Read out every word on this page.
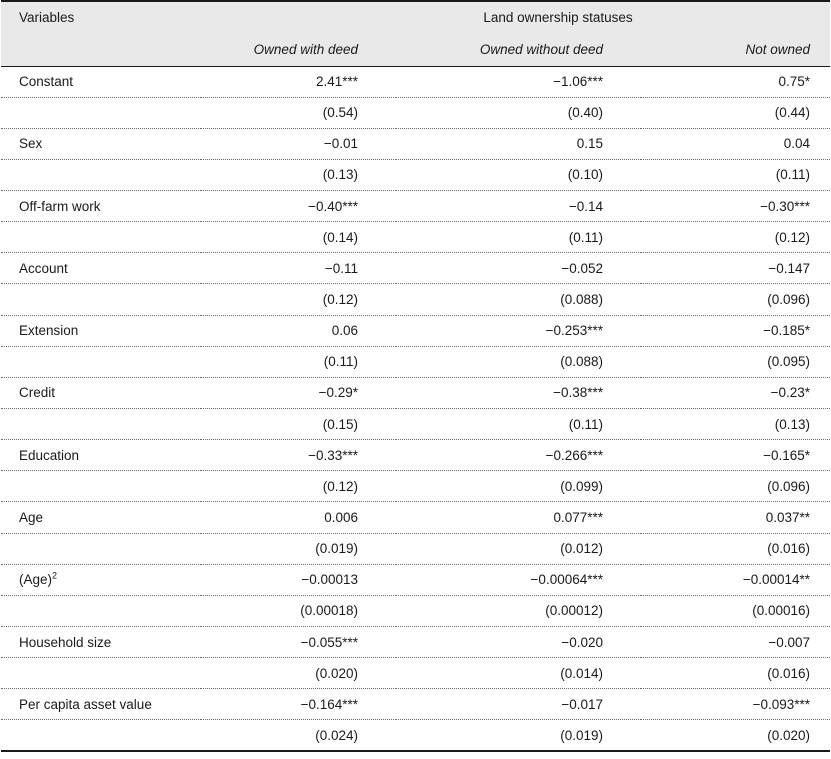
Variables	Land ownership statuses		
	Owned with deed	Owned without deed	Not owned
Constant	2.41***	−1.06***	0.75*
	(0.54)	(0.40)	(0.44)
Sex	−0.01	0.15	0.04
	(0.13)	(0.10)	(0.11)
Off-farm work	−0.40***	−0.14	−0.30***
	(0.14)	(0.11)	(0.12)
Account	−0.11	−0.052	−0.147
	(0.12)	(0.088)	(0.096)
Extension	0.06	−0.253***	−0.185*
	(0.11)	(0.088)	(0.095)
Credit	−0.29*	−0.38***	−0.23*
	(0.15)	(0.11)	(0.13)
Education	−0.33***	−0.266***	−0.165*
	(0.12)	(0.099)	(0.096)
Age	0.006	0.077***	0.037**
	(0.019)	(0.012)	(0.016)
(Age)$^2$	−0.00013	−0.00064***	−0.00014**
	(0.00018)	(0.00012)	(0.00016)
Household size	−0.055***	−0.020	−0.007
	(0.020)	(0.014)	(0.016)
Per capita asset value	−0.164***	−0.017	−0.093***
	(0.024)	(0.019)	(0.020)
